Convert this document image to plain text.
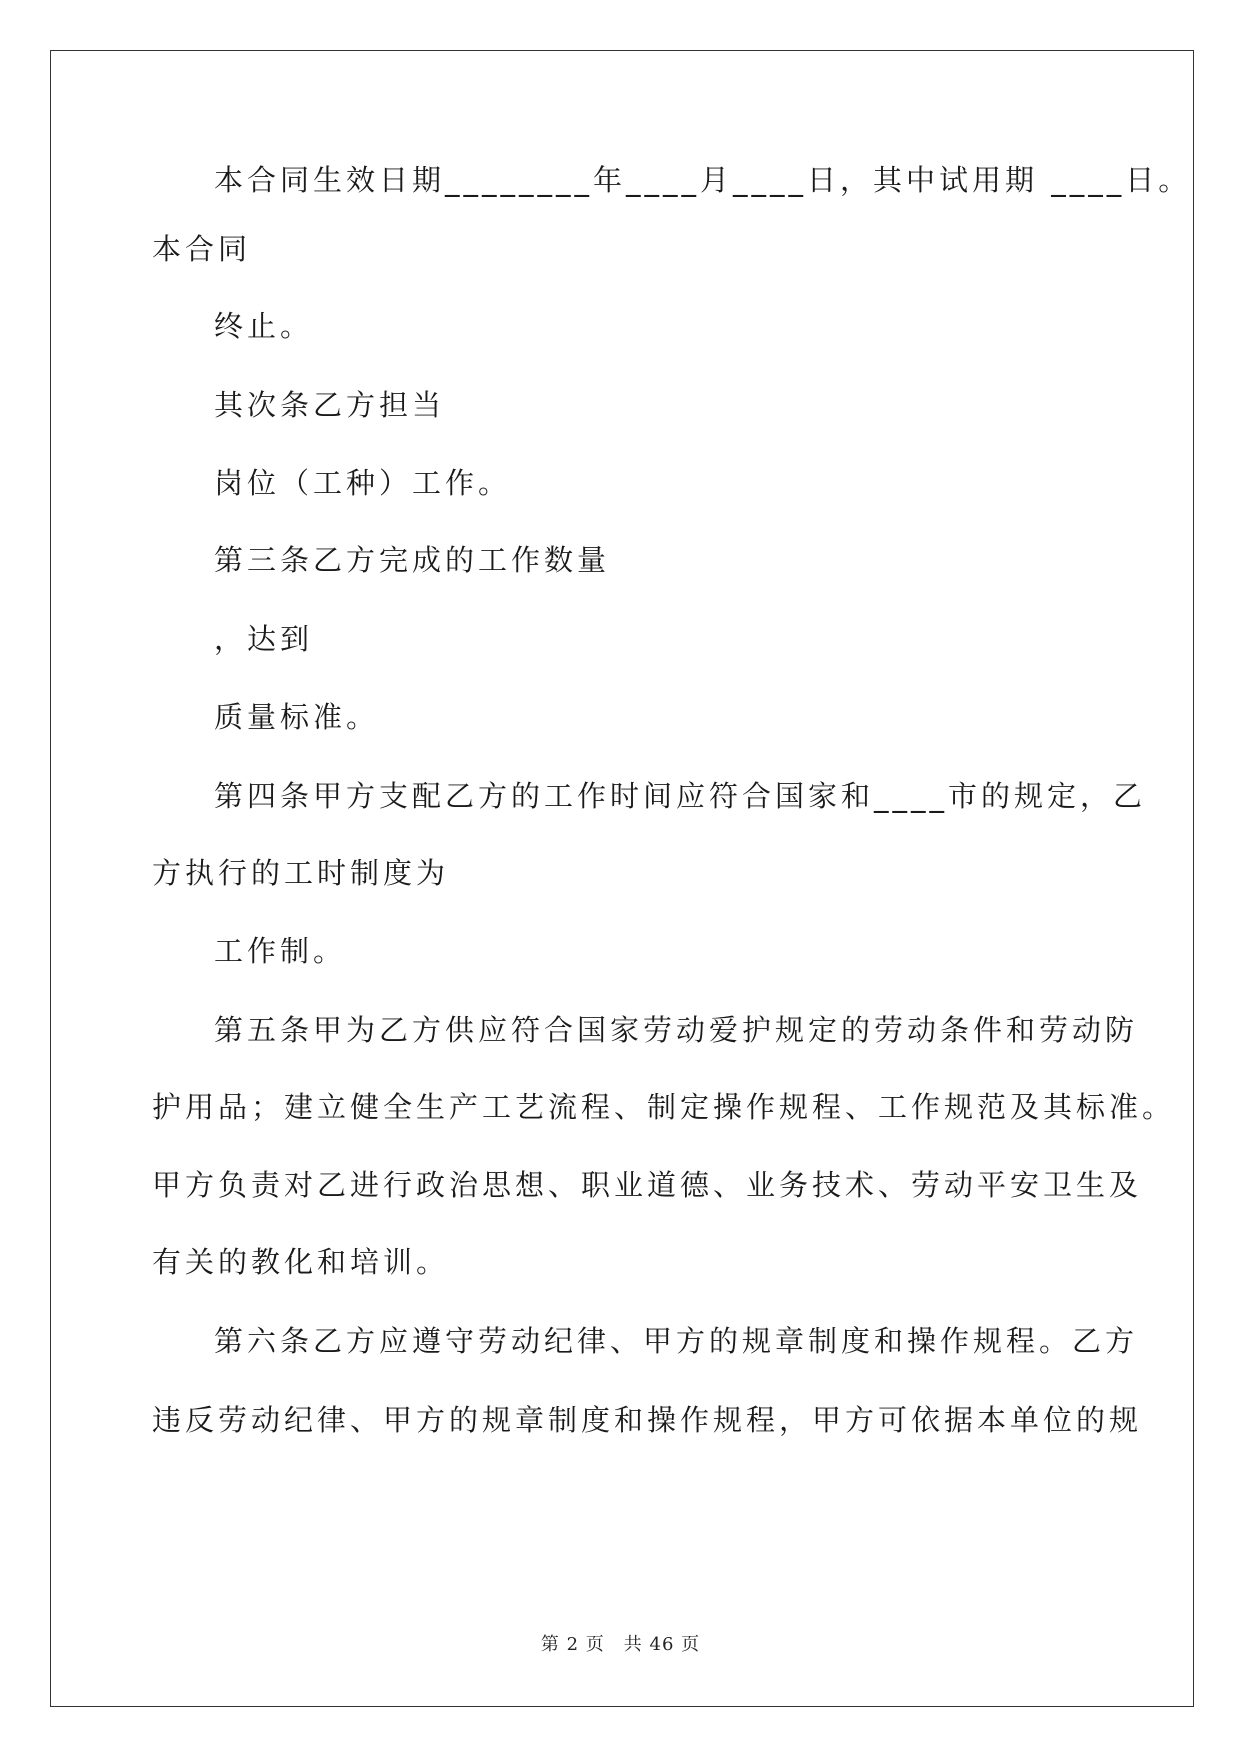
本合同生效日期________年____月____日，其中试用期 ____日。
本合同
终止。
其次条乙方担当
岗位（工种）工作。
第三条乙方完成的工作数量
，达到
质量标准。
第四条甲方支配乙方的工作时间应符合国家和____市的规定，乙
方执行的工时制度为
工作制。
第五条甲为乙方供应符合国家劳动爱护规定的劳动条件和劳动防
护用品；建立健全生产工艺流程、制定操作规程、工作规范及其标准。
甲方负责对乙进行政治思想、职业道德、业务技术、劳动平安卫生及
有关的教化和培训。
第六条乙方应遵守劳动纪律、甲方的规章制度和操作规程。乙方
违反劳动纪律、甲方的规章制度和操作规程，甲方可依据本单位的规
第 2 页　共 46 页
